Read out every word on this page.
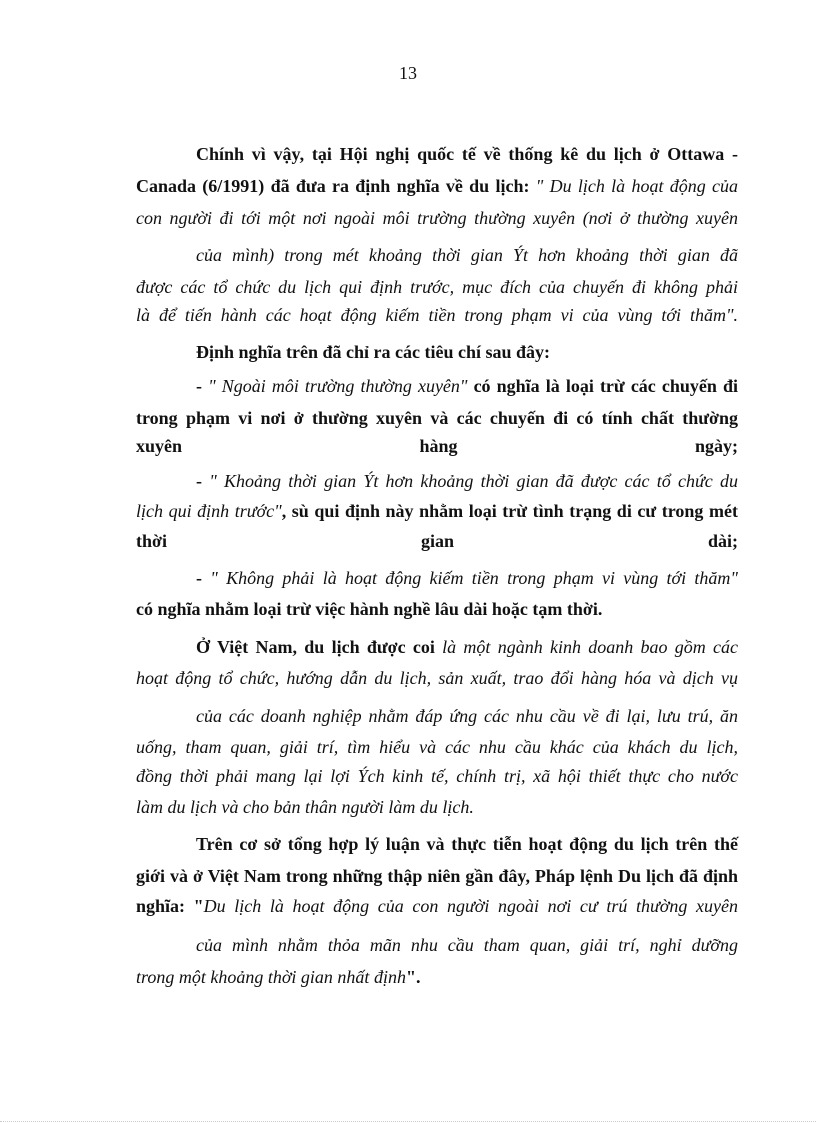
13
Chính vì vậy, tại Hội nghị quốc tế về thống kê du lịch ở Ottawa -
Canada (6/1991) đã đưa ra định nghĩa về du lịch: " Du lịch là hoạt động của
con người đi tới một nơi ngoài môi trường thường xuyên (nơi ở thường xuyên
của mình) trong mét khoảng thời gian Ýt hơn khoảng thời gian đã
được các tổ chức du lịch qui định trước, mục đích của chuyến đi không phải
là để tiến hành các hoạt động kiếm tiền trong phạm vi của vùng tới thăm".
Định nghĩa trên đã chỉ ra các tiêu chí sau đây:
- " Ngoài môi trường thường xuyên" có nghĩa là loại trừ các chuyến đi
trong phạm vi nơi ở thường xuyên và các chuyến đi có tính chất thường
xuyên hàng ngày;
- " Khoảng thời gian Ýt hơn khoảng thời gian đã được các tổ chức du
lịch qui định trước", sù qui định này nhằm loại trừ tình trạng di cư trong mét
thời gian dài;
- " Không phải là hoạt động kiếm tiền trong phạm vi vùng tới thăm"
có nghĩa nhằm loại trừ việc hành nghề lâu dài hoặc tạm thời.
Ở Việt Nam, du lịch được coi là một ngành kinh doanh bao gồm các
hoạt động tổ chức, hướng dẫn du lịch, sản xuất, trao đổi hàng hóa và dịch vụ
của các doanh nghiệp nhằm đáp ứng các nhu cầu về đi lại, lưu trú, ăn
uống, tham quan, giải trí, tìm hiểu và các nhu cầu khác của khách du lịch,
đồng thời phải mang lại lợi Ých kinh tế, chính trị, xã hội thiết thực cho nước
làm du lịch và cho bản thân người làm du lịch.
Trên cơ sở tổng hợp lý luận và thực tiễn hoạt động du lịch trên thế
giới và ở Việt Nam trong những thập niên gần đây, Pháp lệnh Du lịch đã định
nghĩa: "Du lịch là hoạt động của con người ngoài nơi cư trú thường xuyên
của mình nhằm thỏa mãn nhu cầu tham quan, giải trí, nghỉ dưỡng
trong một khoảng thời gian nhất định".
